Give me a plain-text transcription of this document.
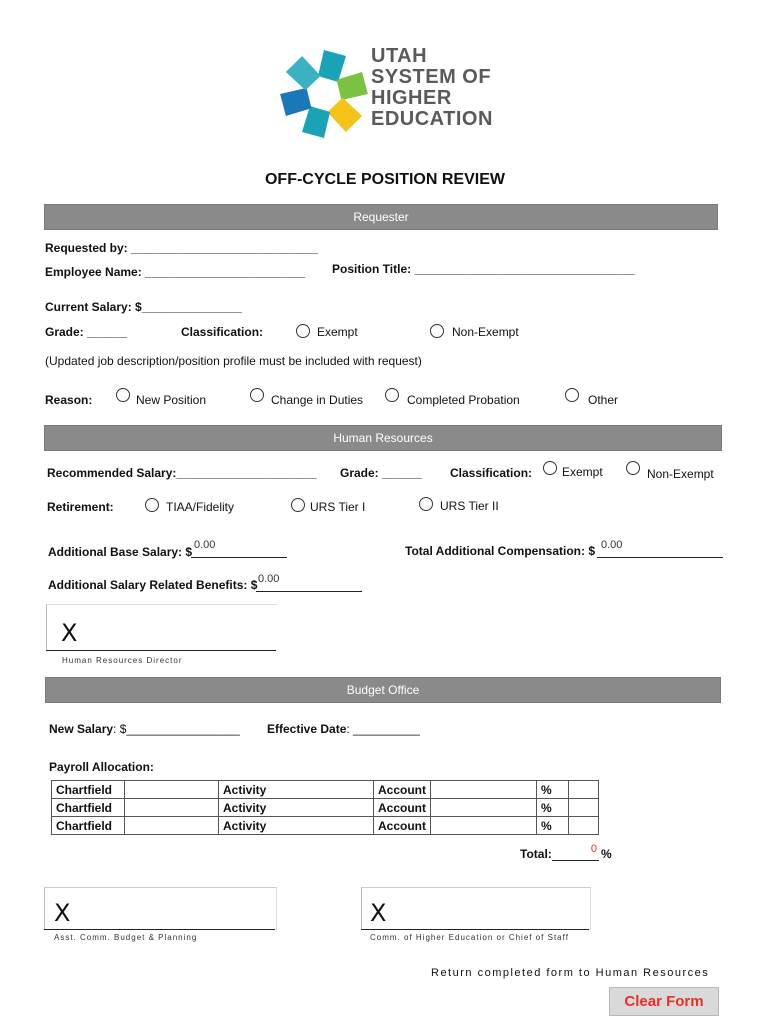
UTAH
SYSTEM OF
HIGHER
EDUCATION
OFF-CYCLE POSITION REVIEW
Requester
Requested by: ____________________________
Employee Name: ________________________ Position Title: _________________________________
Current Salary: $_______________
Grade: ______	Classification:	Exempt	Non-Exempt
(Updated job description/position profile must be included with request)
Reason:	New Position	Change in Duties	Completed Probation	Other
Human Resources
Recommended Salary:_____________________ Grade: ______ Classification: Exempt	Non-Exempt
Retirement:	TIAA/Fidelity	URS Tier I	URS Tier II
Additional Base Salary: $ 0.00	Total Additional Compensation: $ 0.00
Additional Salary Related Benefits: $ 0.00
X
Human Resources Director
Budget Office
New Salary: $_________________ Effective Date: __________
Payroll Allocation:
Chartfield		Activity	Account		%	
Chartfield		Activity	Account		%	
Chartfield		Activity	Account		%	
Total:	0 %
X
Asst. Comm. Budget & Planning
X
Comm. of Higher Education or Chief of Staff
Return completed form to Human Resources
Clear Form
